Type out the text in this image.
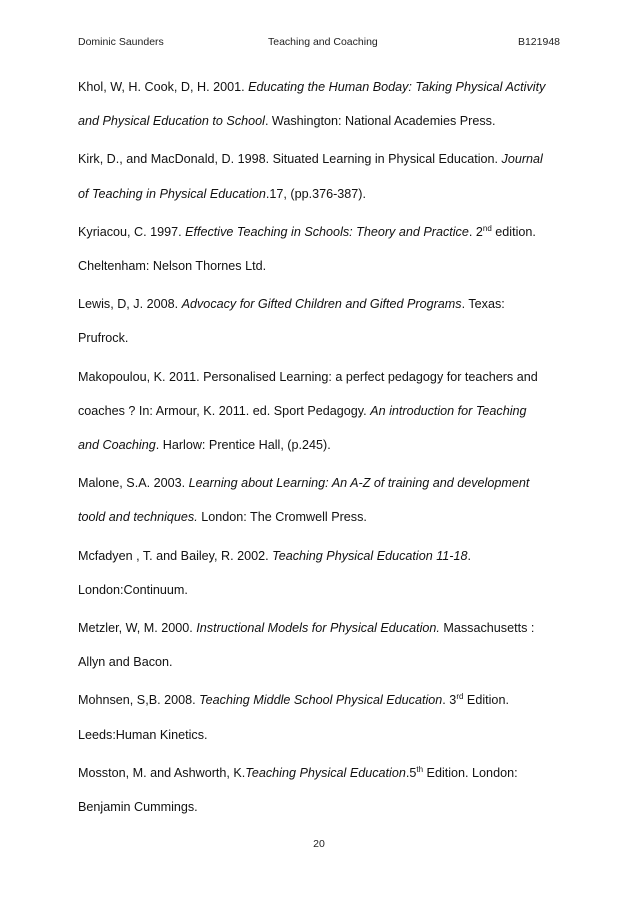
Dominic Saunders	Teaching and Coaching	B121948
Khol, W, H. Cook, D, H. 2001. Educating the Human Boday: Taking Physical Activity
and Physical Education to School. Washington: National Academies Press.
Kirk, D., and MacDonald, D. 1998. Situated Learning in Physical Education. Journal
of Teaching in Physical Education.17, (pp.376-387).
Kyriacou, C. 1997. Effective Teaching in Schools: Theory and Practice. 2nd edition.
Cheltenham: Nelson Thornes Ltd.
Lewis, D, J. 2008. Advocacy for Gifted Children and Gifted Programs. Texas:
Prufrock.
Makopoulou, K. 2011. Personalised Learning: a perfect pedagogy for teachers and
coaches ? In: Armour, K. 2011. ed. Sport Pedagogy. An introduction for Teaching
and Coaching. Harlow: Prentice Hall, (p.245).
Malone, S.A. 2003. Learning about Learning: An A-Z of training and development
toold and techniques. London: The Cromwell Press.
Mcfadyen , T. and Bailey, R. 2002. Teaching Physical Education 11-18.
London:Continuum.
Metzler, W, M. 2000. Instructional Models for Physical Education. Massachusetts :
Allyn and Bacon.
Mohnsen, S,B. 2008. Teaching Middle School Physical Education. 3rd Edition.
Leeds:Human Kinetics.
Mosston, M. and Ashworth, K.Teaching Physical Education.5th Edition. London:
Benjamin Cummings.
20
